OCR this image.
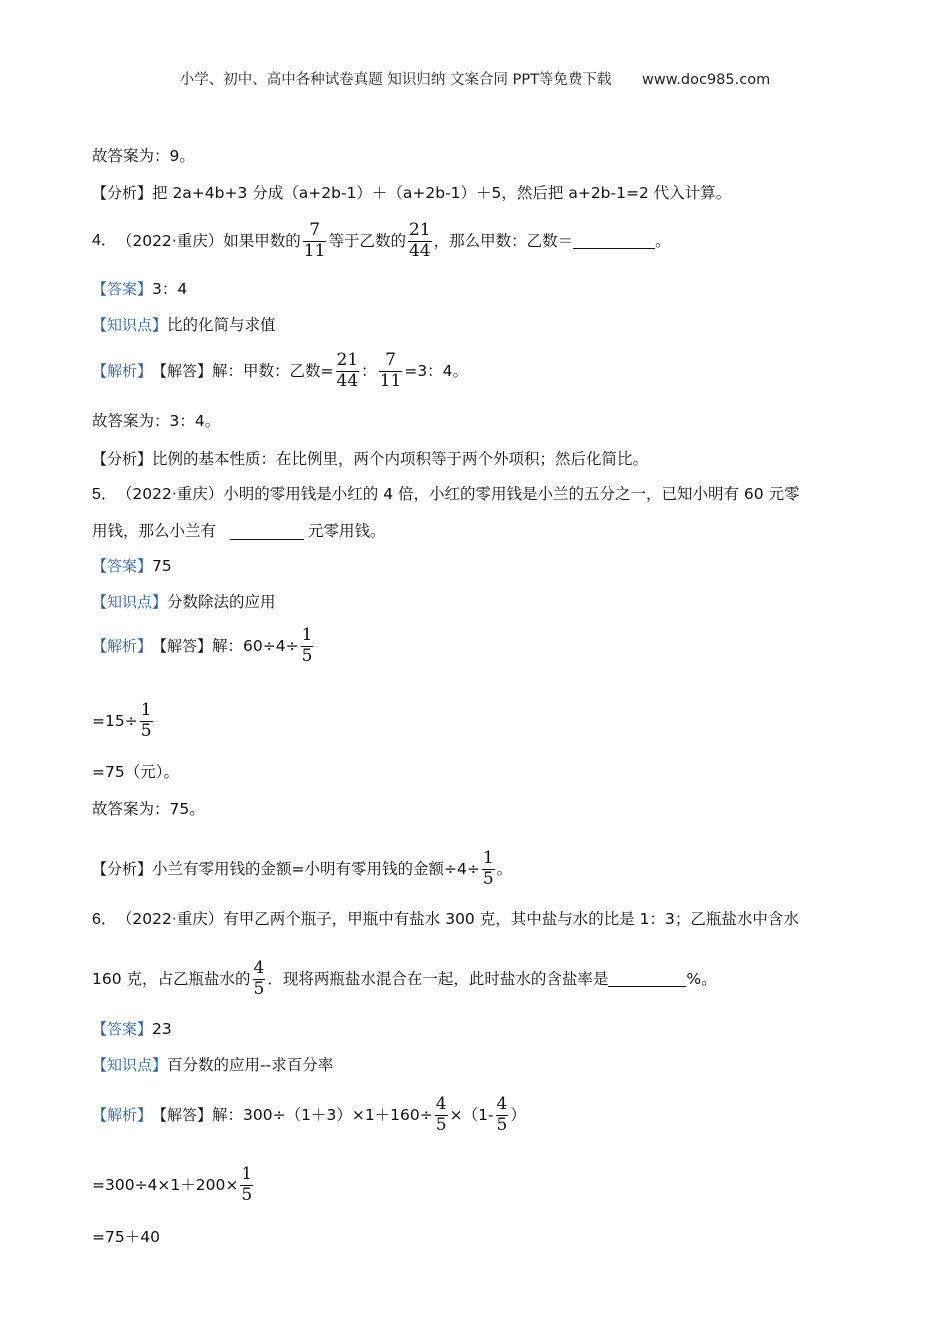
小学、初中、高中各种试卷真题 知识归纳 文案合同 PPT等免费下载 www.doc985.com
故答案为：9。
【分析】 把 2a+4b+3 分成（a+2b-1）＋（a+2b-1）＋5，然后把 a+2b-1=2 代入计算。
4． （2022·重庆） 如果甲数的 $\frac{7}{11}$ 等于乙数的 $\frac{21}{44}$ ，那么甲数：乙数＝	。
【答案】 3：4
【知识点】 比的化简与求值
【解析】 【解答】 解：甲数：乙数= $\frac{21}{44}$ ： $\frac{7}{11} =3$：4。
故答案为：3：4。
【分析】 比例的基本性质：在比例里，两个内项积等于两个外项积；然后化简比。
5． （2022·重庆） 小明的零用钱是小红的 4 倍，小红的零用钱是小兰的五分之一，已知小明有 60 元零
用钱，那么小兰有	元零用钱。
【答案】 75
【知识点】 分数除法的应用
【解析】 【解答】 解：$60\div 4\div \frac{1}{5}$
$=15\div \frac{1}{5}$
=75（元）。
故答案为：75。
【分析】 小兰有零用钱的金额=小明有零用钱的金额$\div 4\div \frac{1}{5}$ 。
6． （2022·重庆） 有甲乙两个瓶子，甲瓶中有盐水 300 克，其中盐与水的比是 1：3；乙瓶盐水中含水
160 克，占乙瓶盐水的 $\frac{4}{5}$ ．现将两瓶盐水混合在一起，此时盐水的含盐率是	%。
【答案】 23
【知识点】 百分数的应用--求百分率
【解析】 【解答】 解：$300\div(1+3)\times 1+160\div \frac{4}{5} \times(1- \frac{4}{5}$ ）
$=300\div 4\times 1+200\times \frac{1}{5}$
=75＋40
